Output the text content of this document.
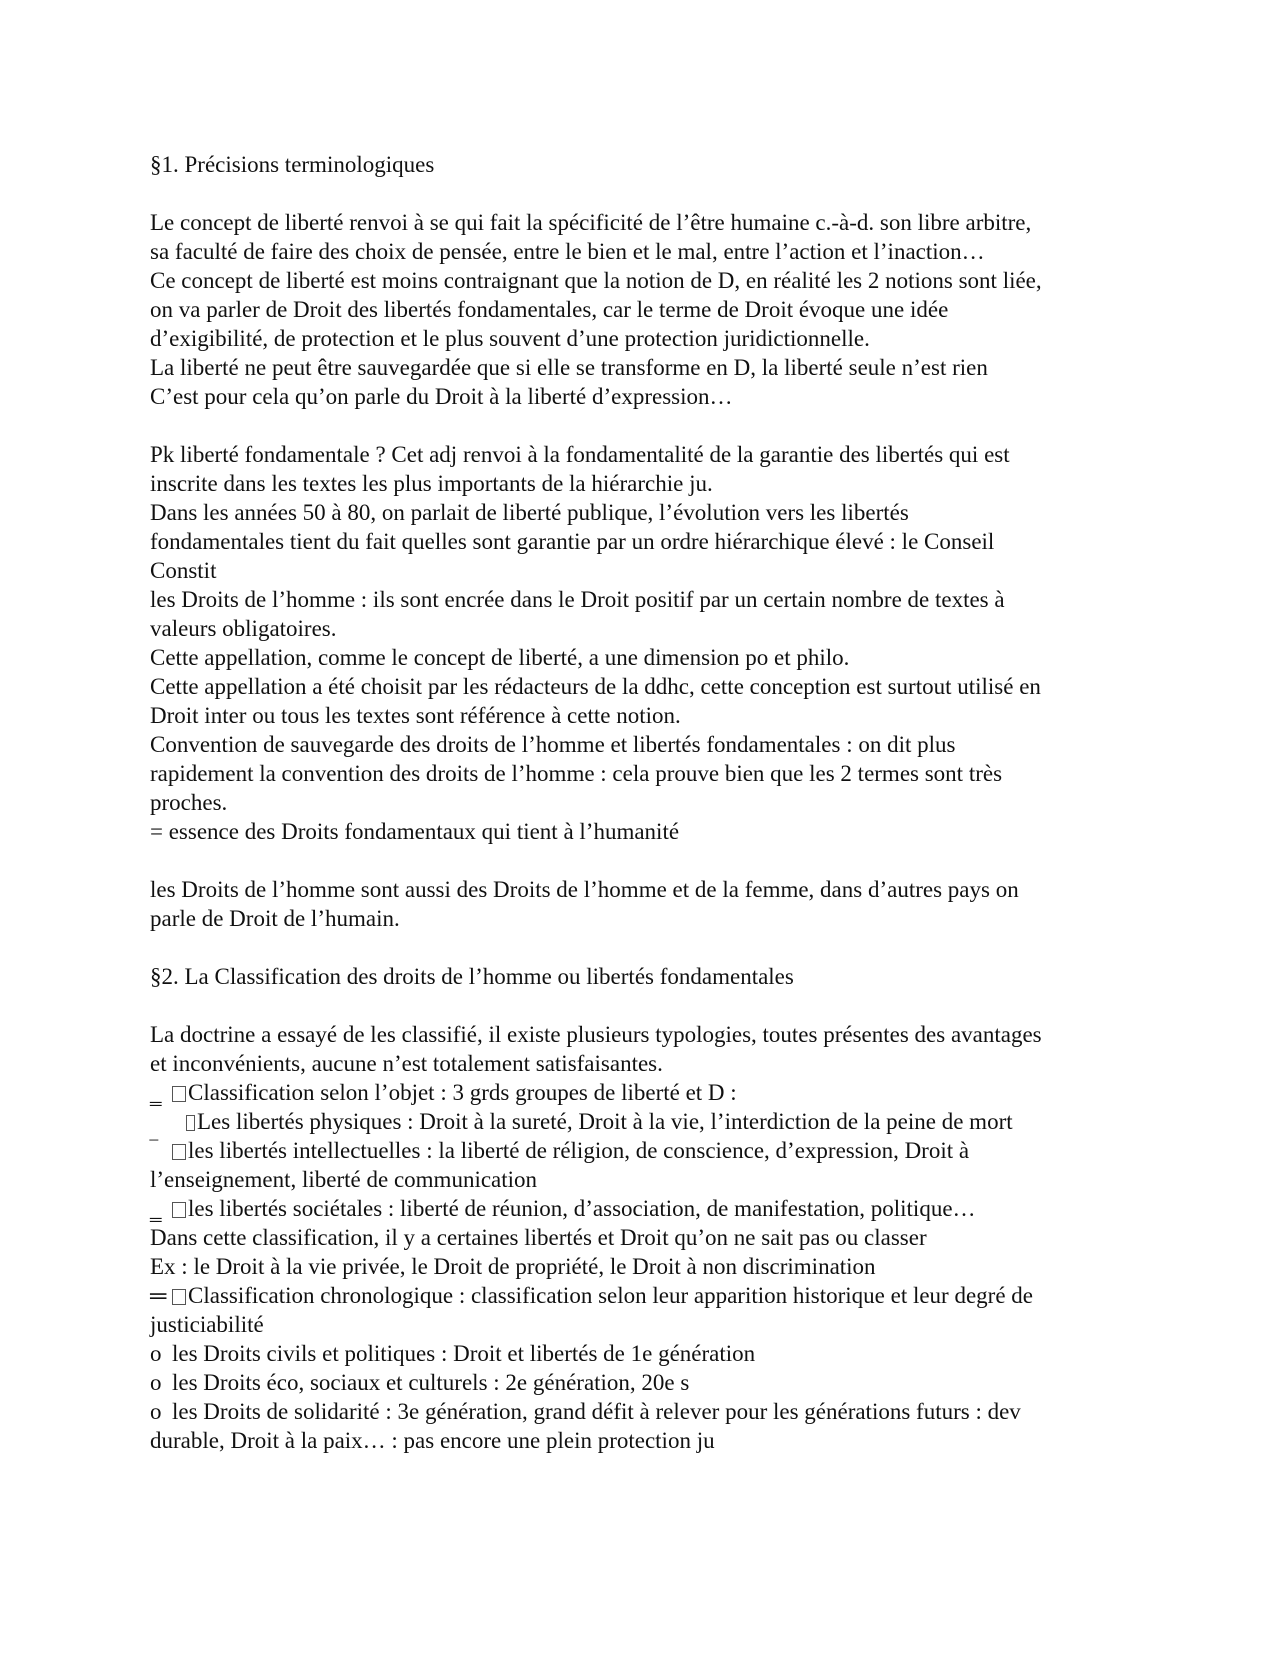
§1. Précisions terminologiques
Le concept de liberté renvoi à se qui fait la spécificité de l’être humaine c.-à-d. son libre arbitre,
sa faculté de faire des choix de pensée, entre le bien et le mal, entre l’action et l’inaction…
Ce concept de liberté est moins contraignant que la notion de D, en réalité les 2 notions sont liée,
on va parler de Droit des libertés fondamentales, car le terme de Droit évoque une idée
d’exigibilité, de protection et le plus souvent d’une protection juridictionnelle.
La liberté ne peut être sauvegardée que si elle se transforme en D, la liberté seule n’est rien
C’est pour cela qu’on parle du Droit à la liberté d’expression…
Pk liberté fondamentale ? Cet adj renvoi à la fondamentalité de la garantie des libertés qui est
inscrite dans les textes les plus importants de la hiérarchie ju.
Dans les années 50 à 80, on parlait de liberté publique, l’évolution vers les libertés
fondamentales tient du fait quelles sont garantie par un ordre hiérarchique élevé : le Conseil
Constit
les Droits de l’homme : ils sont encrée dans le Droit positif par un certain nombre de textes à
valeurs obligatoires.
Cette appellation, comme le concept de liberté, a une dimension po et philo.
Cette appellation a été choisit par les rédacteurs de la ddhc, cette conception est surtout utilisé en
Droit inter ou tous les textes sont référence à cette notion.
Convention de sauvegarde des droits de l’homme et libertés fondamentales : on dit plus
rapidement la convention des droits de l’homme : cela prouve bien que les 2 termes sont très
proches.
= essence des Droits fondamentaux qui tient à l’humanité
les Droits de l’homme sont aussi des Droits de l’homme et de la femme, dans d’autres pays on
parle de Droit de l’humain.
§2. La Classification des droits de l’homme ou libertés fondamentales
La doctrine a essayé de les classifié, il existe plusieurs typologies, toutes présentes des avantages
et inconvénients, aucune n’est totalement satisfaisantes.
‗ Classification selon l’objet : 3 grds groupes de liberté et D :
Les libertés physiques : Droit à la sureté, Droit à la vie, l’interdiction de la peine de mort
‾ les libertés intellectuelles : la liberté de réligion, de conscience, d’expression, Droit à
l’enseignement, liberté de communication
‗ les libertés sociétales : liberté de réunion, d’association, de manifestation, politique…
Dans cette classification, il y a certaines libertés et Droit qu’on ne sait pas ou classer
Ex : le Droit à la vie privée, le Droit de propriété, le Droit à non discrimination
═ Classification chronologique : classification selon leur apparition historique et leur degré de
justiciabilité
o les Droits civils et politiques : Droit et libertés de 1e génération
o les Droits éco, sociaux et culturels : 2e génération, 20e s
o les Droits de solidarité : 3e génération, grand défit à relever pour les générations futurs : dev
durable, Droit à la paix… : pas encore une plein protection ju
